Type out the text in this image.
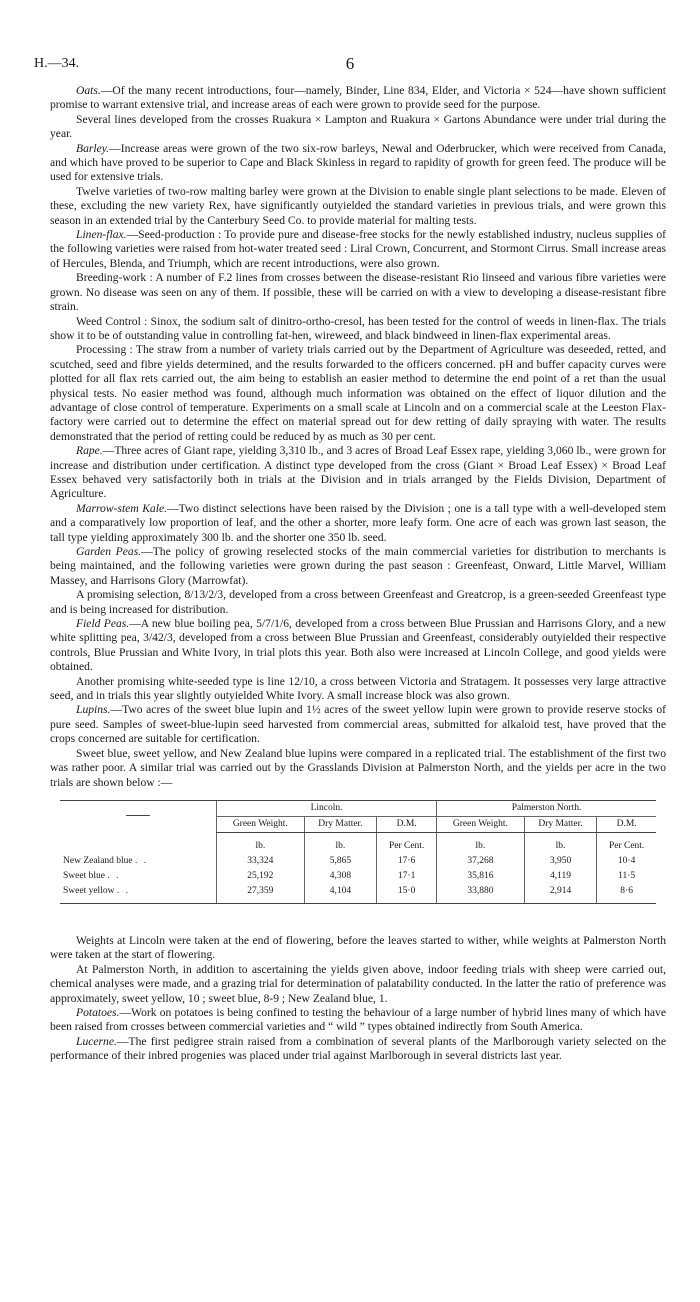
H.—34.	6

Oats.—Of the many recent introductions, four—namely, Binder, Line 834, Elder, and Victoria × 524—have shown sufficient promise to warrant extensive trial, and increase areas of each were grown to provide seed for the purpose.

Several lines developed from the crosses Ruakura × Lampton and Ruakura × Gartons Abundance were under trial during the year.

Barley.—Increase areas were grown of the two six-row barleys, Newal and Oderbrucker, which were received from Canada, and which have proved to be superior to Cape and Black Skinless in regard to rapidity of growth for green feed. The produce will be used for extensive trials.

Twelve varieties of two-row malting barley were grown at the Division to enable single plant selections to be made. Eleven of these, excluding the new variety Rex, have significantly outyielded the standard varieties in previous trials, and were grown this season in an extended trial by the Canterbury Seed Co. to provide material for malting tests.

Linen-flax.—Seed-production : To provide pure and disease-free stocks for the newly established industry, nucleus supplies of the following varieties were raised from hot-water treated seed : Liral Crown, Concurrent, and Stormont Cirrus. Small increase areas of Hercules, Blenda, and Triumph, which are recent introductions, were also grown.

Breeding-work : A number of F.2 lines from crosses between the disease-resistant Rio linseed and various fibre varieties were grown. No disease was seen on any of them. If possible, these will be carried on with a view to developing a disease-resistant fibre strain.

Weed Control : Sinox, the sodium salt of dinitro-ortho-cresol, has been tested for the control of weeds in linen-flax. The trials show it to be of outstanding value in controlling fat-hen, wireweed, and black bindweed in linen-flax experimental areas.

Processing : The straw from a number of variety trials carried out by the Department of Agriculture was deseeded, retted, and scutched, seed and fibre yields determined, and the results forwarded to the officers concerned. pH and buffer capacity curves were plotted for all flax rets carried out, the aim being to establish an easier method to determine the end point of a ret than the usual physical tests. No easier method was found, although much information was obtained on the effect of liquor dilution and the advantage of close control of temperature. Experiments on a small scale at Lincoln and on a commercial scale at the Leeston Flax-factory were carried out to determine the effect on material spread out for dew retting of daily spraying with water. The results demonstrated that the period of retting could be reduced by as much as 30 per cent.

Rape.—Three acres of Giant rape, yielding 3,310 lb., and 3 acres of Broad Leaf Essex rape, yielding 3,060 lb., were grown for increase and distribution under certification. A distinct type developed from the cross (Giant × Broad Leaf Essex) × Broad Leaf Essex behaved very satisfactorily both in trials at the Division and in trials arranged by the Fields Division, Department of Agriculture.

Marrow-stem Kale.—Two distinct selections have been raised by the Division ; one is a tall type with a well-developed stem and a comparatively low proportion of leaf, and the other a shorter, more leafy form. One acre of each was grown last season, the tall type yielding approximately 300 lb. and the shorter one 350 lb. seed.

Garden Peas.—The policy of growing reselected stocks of the main commercial varieties for distribution to merchants is being maintained, and the following varieties were grown during the past season : Greenfeast, Onward, Little Marvel, William Massey, and Harrisons Glory (Marrowfat).

A promising selection, 8/13/2/3, developed from a cross between Greenfeast and Greatcrop, is a green-seeded Greenfeast type and is being increased for distribution.

Field Peas.—A new blue boiling pea, 5/7/1/6, developed from a cross between Blue Prussian and Harrisons Glory, and a new white splitting pea, 3/42/3, developed from a cross between Blue Prussian and Greenfeast, considerably outyielded their respective controls, Blue Prussian and White Ivory, in trial plots this year. Both also were increased at Lincoln College, and good yields were obtained.

Another promising white-seeded type is line 12/10, a cross between Victoria and Stratagem. It possesses very large attractive seed, and in trials this year slightly outyielded White Ivory. A small increase block was also grown.

Lupins.—Two acres of the sweet blue lupin and 1½ acres of the sweet yellow lupin were grown to provide reserve stocks of pure seed. Samples of sweet-blue-lupin seed harvested from commercial areas, submitted for alkaloid test, have proved that the crops concerned are suitable for certification.

Sweet blue, sweet yellow, and New Zealand blue lupins were compared in a replicated trial. The establishment of the first two was rather poor. A similar trial was carried out by the Grasslands Division at Palmerston North, and the yields per acre in the two trials are shown below :—

	Lincoln.			Palmerston North.		
	Green Weight.	Dry Matter.	D.M.	Green Weight.	Dry Matter.	D.M.
	lb.	lb.	Per Cent.	lb.	lb.	Per Cent.
New Zealand blue . .	33,324	5,865	17·6	37,268	3,950	10·4
Sweet blue . .	25,192	4,308	17·1	35,816	4,119	11·5
Sweet yellow . .	27,359	4,104	15·0	33,880	2,914	8·6

Weights at Lincoln were taken at the end of flowering, before the leaves started to wither, while weights at Palmerston North were taken at the start of flowering.

At Palmerston North, in addition to ascertaining the yields given above, indoor feeding trials with sheep were carried out, chemical analyses were made, and a grazing trial for determination of palatability conducted. In the latter the ratio of preference was approximately, sweet yellow, 10 ; sweet blue, 8-9 ; New Zealand blue, 1.

Potatoes.—Work on potatoes is being confined to testing the behaviour of a large number of hybrid lines many of which have been raised from crosses between commercial varieties and “ wild ” types obtained indirectly from South America.

Lucerne.—The first pedigree strain raised from a combination of several plants of the Marlborough variety selected on the performance of their inbred progenies was placed under trial against Marlborough in several districts last year.
